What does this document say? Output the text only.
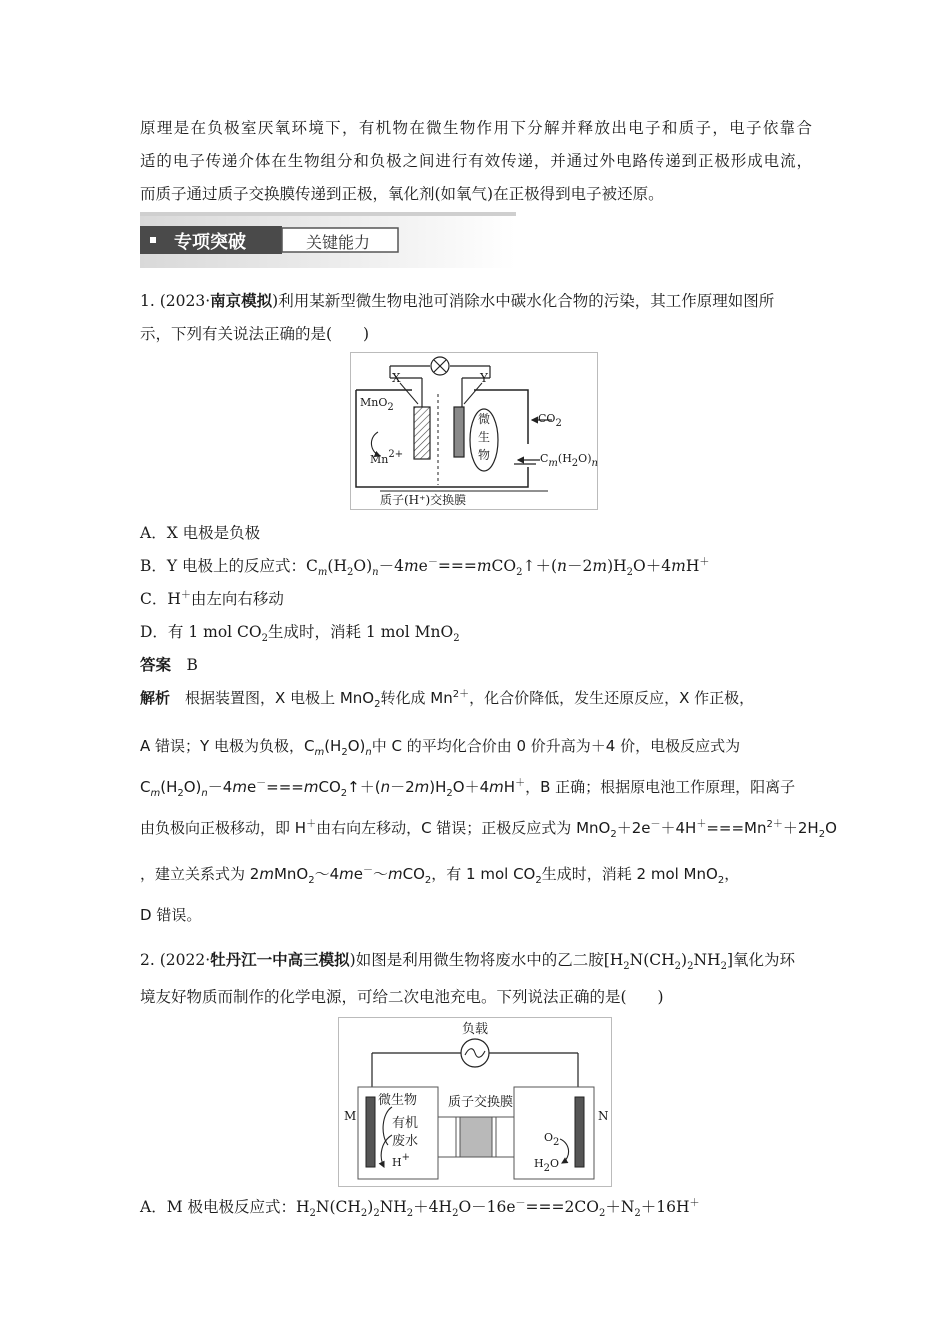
原理是在负极室厌氧环境下，有机物在微生物作用下分解并释放出电子和质子，电子依靠合
适的电子传递介体在生物组分和负极之间进行有效传递，并通过外电路传递到正极形成电流，
而质子通过质子交换膜传递到正极，氧化剂(如氧气)在正极得到电子被还原。
专项突破	关键能力
1. (2023·南京模拟)利用某新型微生物电池可消除水中碳水化合物的污染，其工作原理如图所
示，下列有关说法正确的是(　　)
X	Y
MnO$_2$
$Mn^{2+}$
微
生
物
$CO_2$
$C_m(H_2O)_n$
质子(H⁺)交换膜
A．X 电极是负极
B．Y 电极上的反应式：$C_m(H_2O)_n-4me^-===mCO_2↑+(n-2m)H_2O+4mH^+$
C．H＋由左向右移动
D．有 1 mol $CO_2$生成时，消耗 1 mol MnO$_2$
答案　 B
解析　 根据装置图，X 电极上 MnO$_2$转化成 $Mn^{2+}$，化合价降低，发生还原反应，X 作正极，
A 错误；Y 电极为负极，$C_m(H_2O)_n$中 C 的平均化合价由 0 价升高为＋4 价，电极反应式为
$C_m(H_2O)_n-4me^-===mCO_2↑+(n-2m)H_2O+4mH^+$，B 正确；根据原电池工作原理，阳离子
由负极向正极移动，即 H＋由右向左移动，C 错误；正极反应式为 $MnO_2+2e^-+4H^+===Mn^{2+}+2H_2O$
，建立关系式为 2mMnO$_2$～4me－～mCO$_2$，有 1 mol $CO_2$生成时，消耗 2 mol MnO$_2$，
D 错误。
2. (2022·牡丹江一中高三模拟)如图是利用微生物将废水中的乙二胺$[H_2N(CH_2)_2NH_2]$氧化为环
境友好物质而制作的化学电源，可给二次电池充电。下列说法正确的是(　　)
负载
M	N
微生物
有机
废水
H+
质子交换膜
$O_2$
$H_2O$
A．M 极电极反应式：$H_2N(CH_2)_2NH_2+4H_2O-16e^-===2CO_2+N_2+16H^+$
